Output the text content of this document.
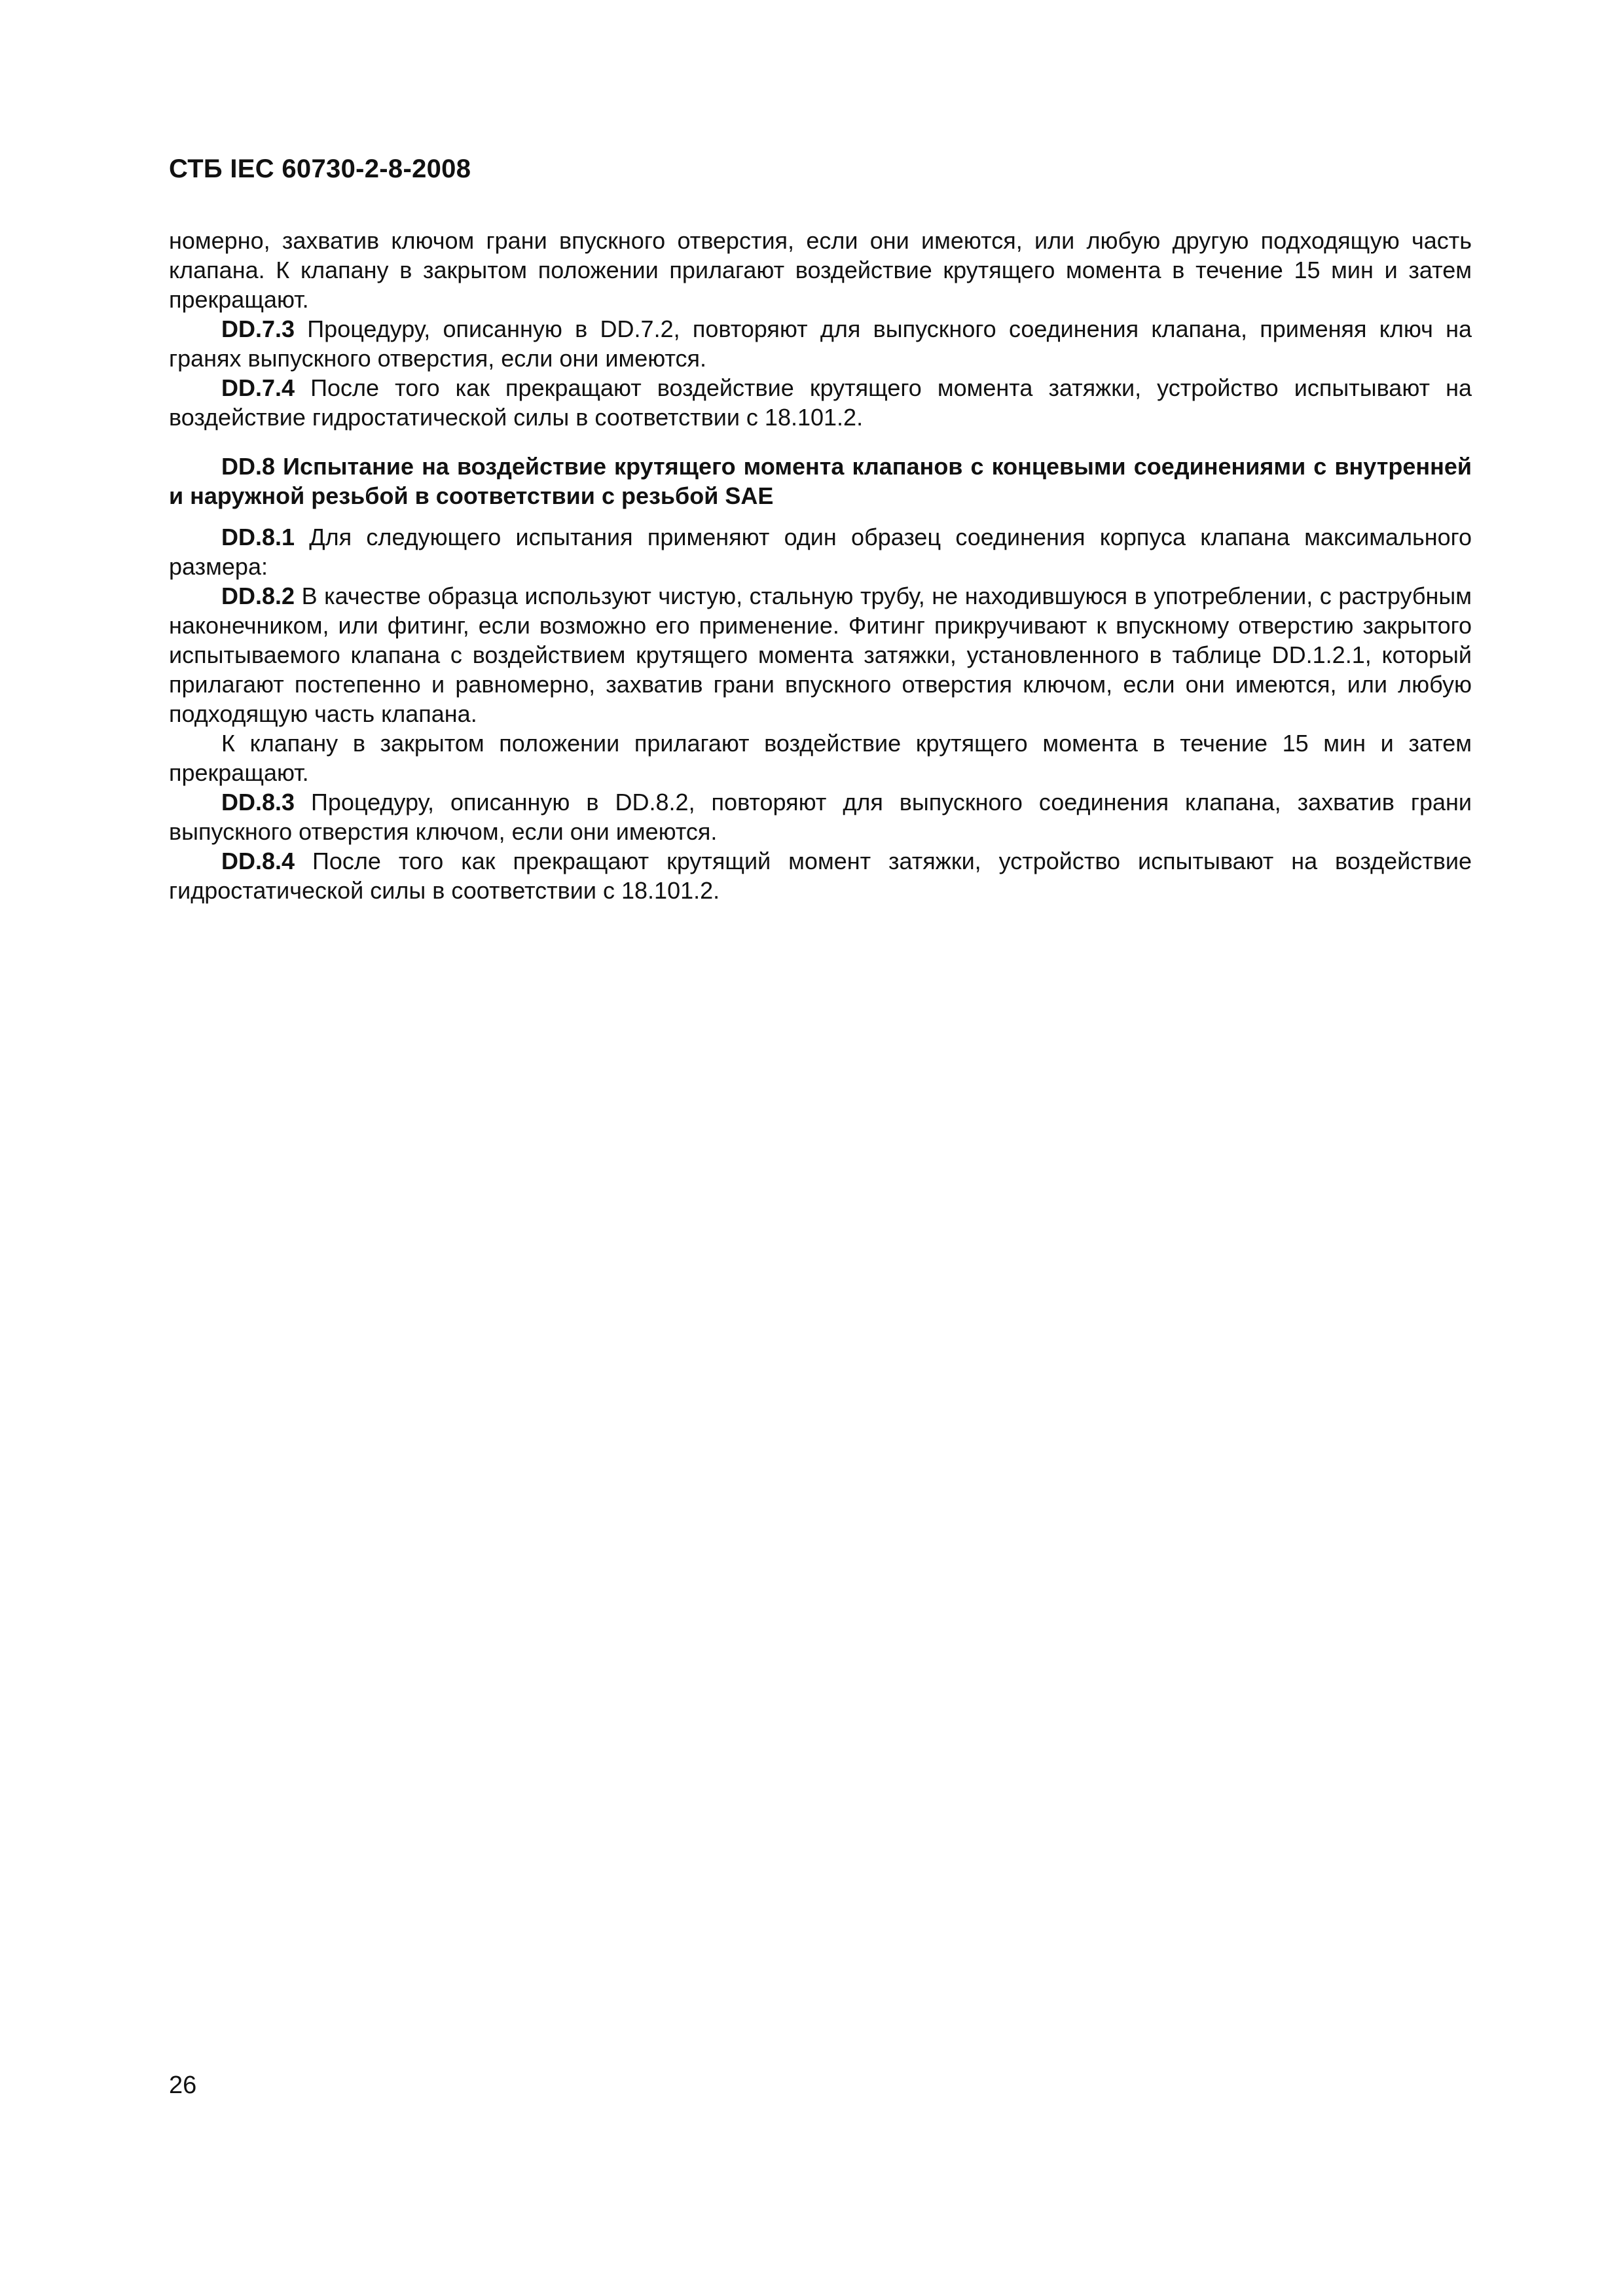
СТБ IEC 60730-2-8-2008

номерно, захватив ключом грани впускного отверстия, если они имеются, или любую другую подходящую часть клапана. К клапану в закрытом положении прилагают воздействие крутящего момента в течение 15 мин и затем прекращают.

DD.7.3 Процедуру, описанную в DD.7.2, повторяют для выпускного соединения клапана, применяя ключ на гранях выпускного отверстия, если они имеются.

DD.7.4 После того как прекращают воздействие крутящего момента затяжки, устройство испытывают на воздействие гидростатической силы в соответствии с 18.101.2.

DD.8 Испытание на воздействие крутящего момента клапанов с концевыми соединениями с внутренней и наружной резьбой в соответствии с резьбой SAE

DD.8.1 Для следующего испытания применяют один образец соединения корпуса клапана максимального размера:

DD.8.2 В качестве образца используют чистую, стальную трубу, не находившуюся в употреблении, с раструбным наконечником, или фитинг, если возможно его применение. Фитинг прикручивают к впускному отверстию закрытого испытываемого клапана с воздействием крутящего момента затяжки, установленного в таблице DD.1.2.1, который прилагают постепенно и равномерно, захватив грани впускного отверстия ключом, если они имеются, или любую подходящую часть клапана.

К клапану в закрытом положении прилагают воздействие крутящего момента в течение 15 мин и затем прекращают.

DD.8.3 Процедуру, описанную в DD.8.2, повторяют для выпускного соединения клапана, захватив грани выпускного отверстия ключом, если они имеются.

DD.8.4 После того как прекращают крутящий момент затяжки, устройство испытывают на воздействие гидростатической силы в соответствии с 18.101.2.

26
